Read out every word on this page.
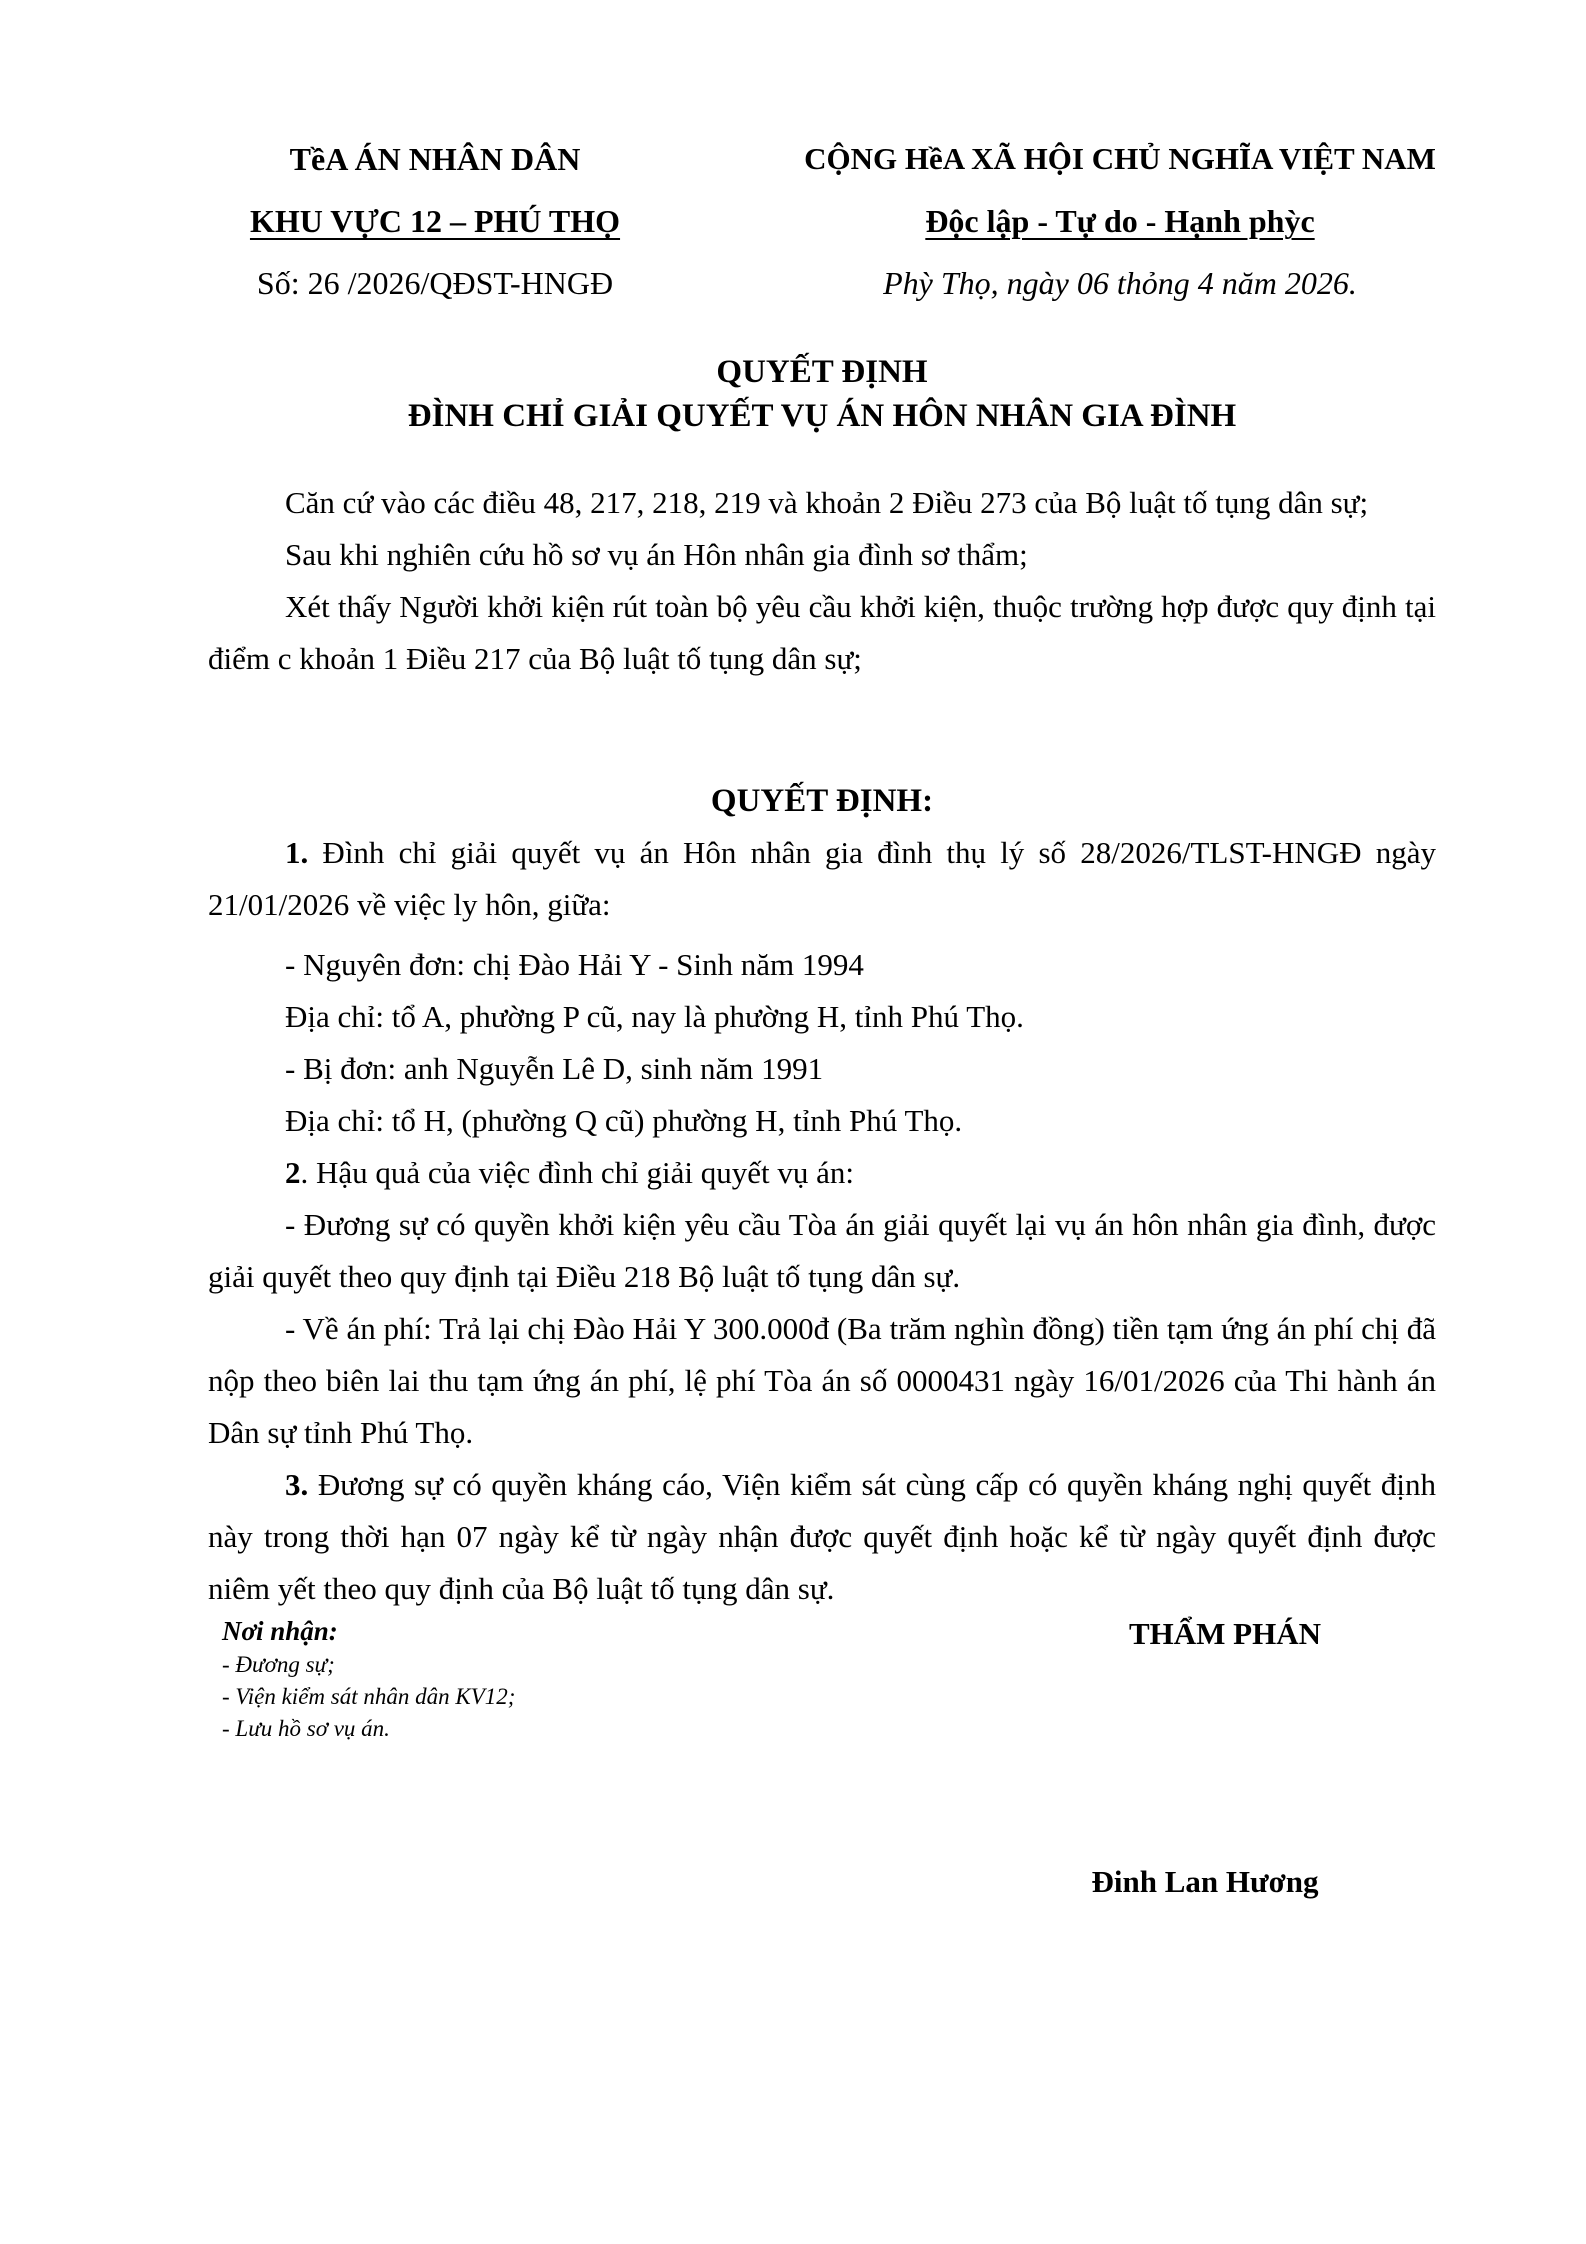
TềA ÁN NHÂN DÂN
KHU VỰC 12 – PHÚ THỌ
Số: 26 /2026/QĐST-HNGĐ
CỘNG HềA XÃ HỘI CHỦ NGHĨA VIỆT NAM
Độc lập - Tự do - Hạnh phỳc
Phỳ Thọ, ngày 06 thỏng 4 năm 2026.
QUYẾT ĐỊNH
ĐÌNH CHỈ GIẢI QUYẾT VỤ ÁN HÔN NHÂN GIA ĐÌNH

Căn cứ vào các điều 48, 217, 218, 219 và khoản 2 Điều 273 của Bộ luật tố tụng dân sự;

Sau khi nghiên cứu hồ sơ vụ án Hôn nhân gia đình sơ thẩm;

Xét thấy Người khởi kiện rút toàn bộ yêu cầu khởi kiện, thuộc trường hợp được quy định tại điểm c khoản 1 Điều 217 của Bộ luật tố tụng dân sự;

QUYẾT ĐỊNH:

1. Đình chỉ giải quyết vụ án Hôn nhân gia đình thụ lý số 28/2026/TLST-HNGĐ ngày 21/01/2026 về việc ly hôn, giữa:

- Nguyên đơn: chị Đào Hải Y - Sinh năm 1994

Địa chỉ: tổ A, phường P cũ, nay là phường H, tỉnh Phú Thọ.

- Bị đơn: anh Nguyễn Lê D, sinh năm 1991

Địa chỉ: tổ H, (phường Q cũ) phường H, tỉnh Phú Thọ.

2. Hậu quả của việc đình chỉ giải quyết vụ án:

- Đương sự có quyền khởi kiện yêu cầu Tòa án giải quyết lại vụ án hôn nhân gia đình, được giải quyết theo quy định tại Điều 218 Bộ luật tố tụng dân sự.

- Về án phí: Trả lại chị Đào Hải Y 300.000đ (Ba trăm nghìn đồng) tiền tạm ứng án phí chị đã nộp theo biên lai thu tạm ứng án phí, lệ phí Tòa án số 0000431 ngày 16/01/2026 của Thi hành án Dân sự tỉnh Phú Thọ.

3. Đương sự có quyền kháng cáo, Viện kiểm sát cùng cấp có quyền kháng nghị quyết định này trong thời hạn 07 ngày kể từ ngày nhận được quyết định hoặc kể từ ngày quyết định được niêm yết theo quy định của Bộ luật tố tụng dân sự.

Nơi nhận:
- Đương sự;
- Viện kiểm sát nhân dân KV12;
- Lưu hồ sơ vụ án.
THẨM PHÁN
Đinh Lan Hương
